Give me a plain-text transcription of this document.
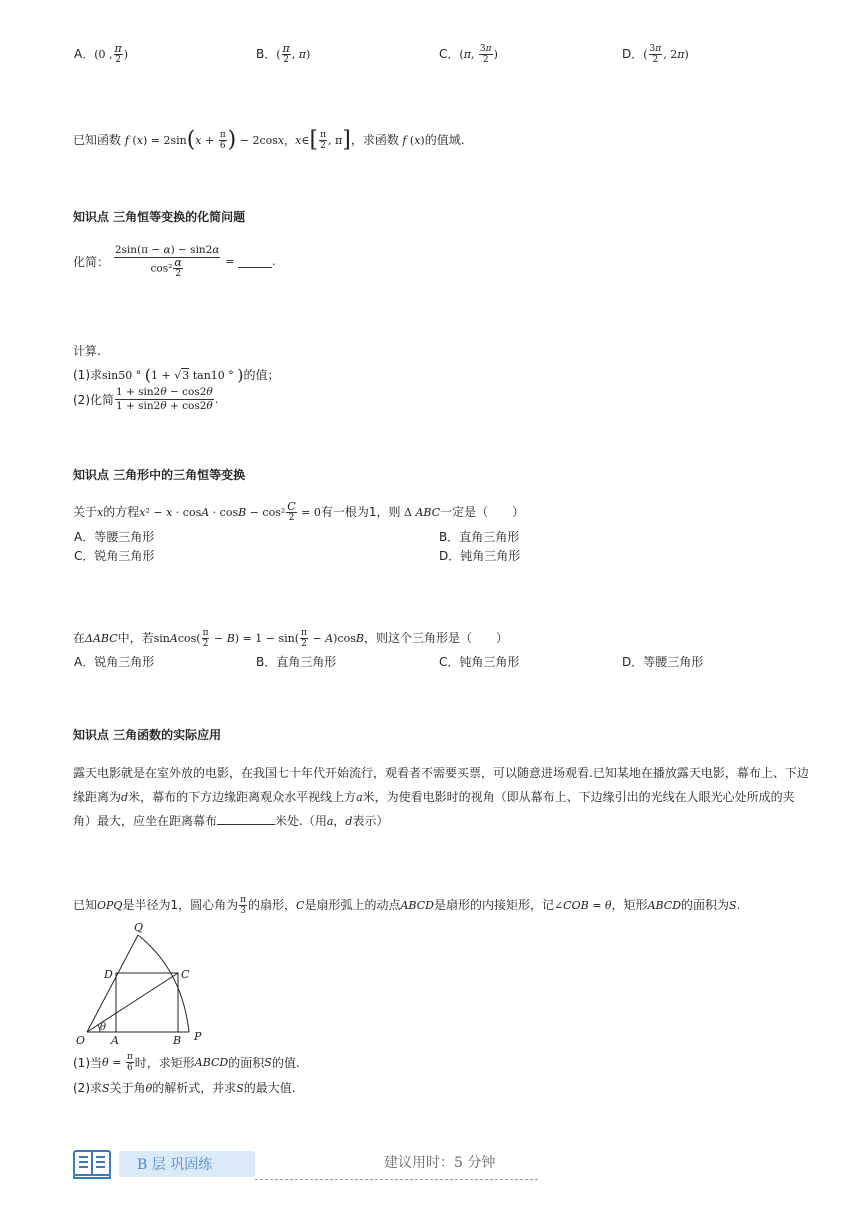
A．(0 , $\frac{\pi}{2}$ )	B．( $\frac{\pi}{2}$ , π)	C．(π, $\frac{3\pi}{2}$ )	D．( $\frac{3\pi}{2}$ , 2π)
已知函数 f $(x) = 2\sin(x + \frac{\pi}{6}$ ) − 2cosx，x∈[ $\frac{\pi}{2}$ , π]，求函数 f (x)的值域.
知识点 三角恒等变换的化简问题
化简： $\frac{2\sin(\pi - \alpha) - \sin 2\alpha}{\cos^2 \frac{\alpha}{2}}$ =	.
计算.
(1)求sin50 ° (1 + √3 tan10 ° )的值；
(2)化简 $\frac{1 + \sin 2\theta - \cos 2\theta}{1 + \sin 2\theta + \cos 2\theta}$ .
知识点 三角形中的三角恒等变换
关于x的方程$x^2 - x \cdot \cos A \cdot \cos B - \cos^2 \frac{C}{2} = 0$有一根为1，则 Δ ABC一定是（　　）
A．等腰三角形	B．直角三角形
C．锐角三角形	D．钝角三角形
在ΔABC中，若sinAcos( $\frac{\pi}{2} - B) = 1 - \sin( \frac{\pi}{2} - A)\cos B$，则这个三角形是（　　）
A．锐角三角形	B．直角三角形	C．钝角三角形	D．等腰三角形
知识点 三角函数的实际应用
露天电影就是在室外放的电影，在我国七十年代开始流行，观看者不需要买票，可以随意进场观看.已知某地在播放露天电影，幕布上、下边
缘距离为d米，幕布的下方边缘距离观众水平视线上方a米，为使看电影时的视角（即从幕布上、下边缘引出的光线在人眼光心处所成的夹
角）最大，应坐在距离幕布	米处.（用a，d表示）
已知OPQ是半径为1，圆心角为 $\frac{\pi}{3}$ 的扇形，C是扇形弧上的动点ABCD是扇形的内接矩形，记∠COB = θ，矩形ABCD的面积为S.
Q
D	C
O A	B P
θ
(1)当$\theta = \frac{\pi}{6}$ 时，求矩形ABCD的面积S的值.
(2)求S关于角θ的解析式，并求S的最大值.
B 层 巩固练	建议用时：5 分钟
